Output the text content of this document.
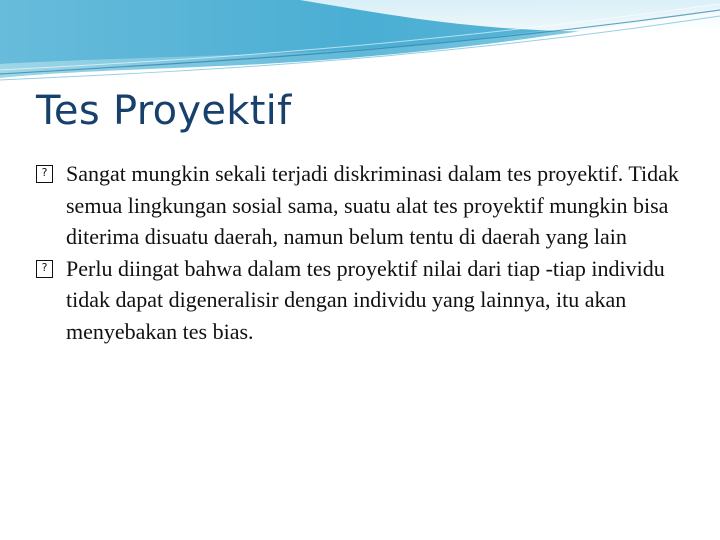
Tes Proyektif
? Sangat mungkin sekali terjadi diskriminasi dalam tes proyektif. Tidak semua lingkungan sosial sama, suatu alat tes proyektif mungkin bisa diterima disuatu daerah, namun belum tentu di daerah yang lain
? Perlu diingat bahwa dalam tes proyektif nilai dari tiap -tiap individu tidak dapat digeneralisir dengan individu yang lainnya, itu akan menyebakan tes bias.
